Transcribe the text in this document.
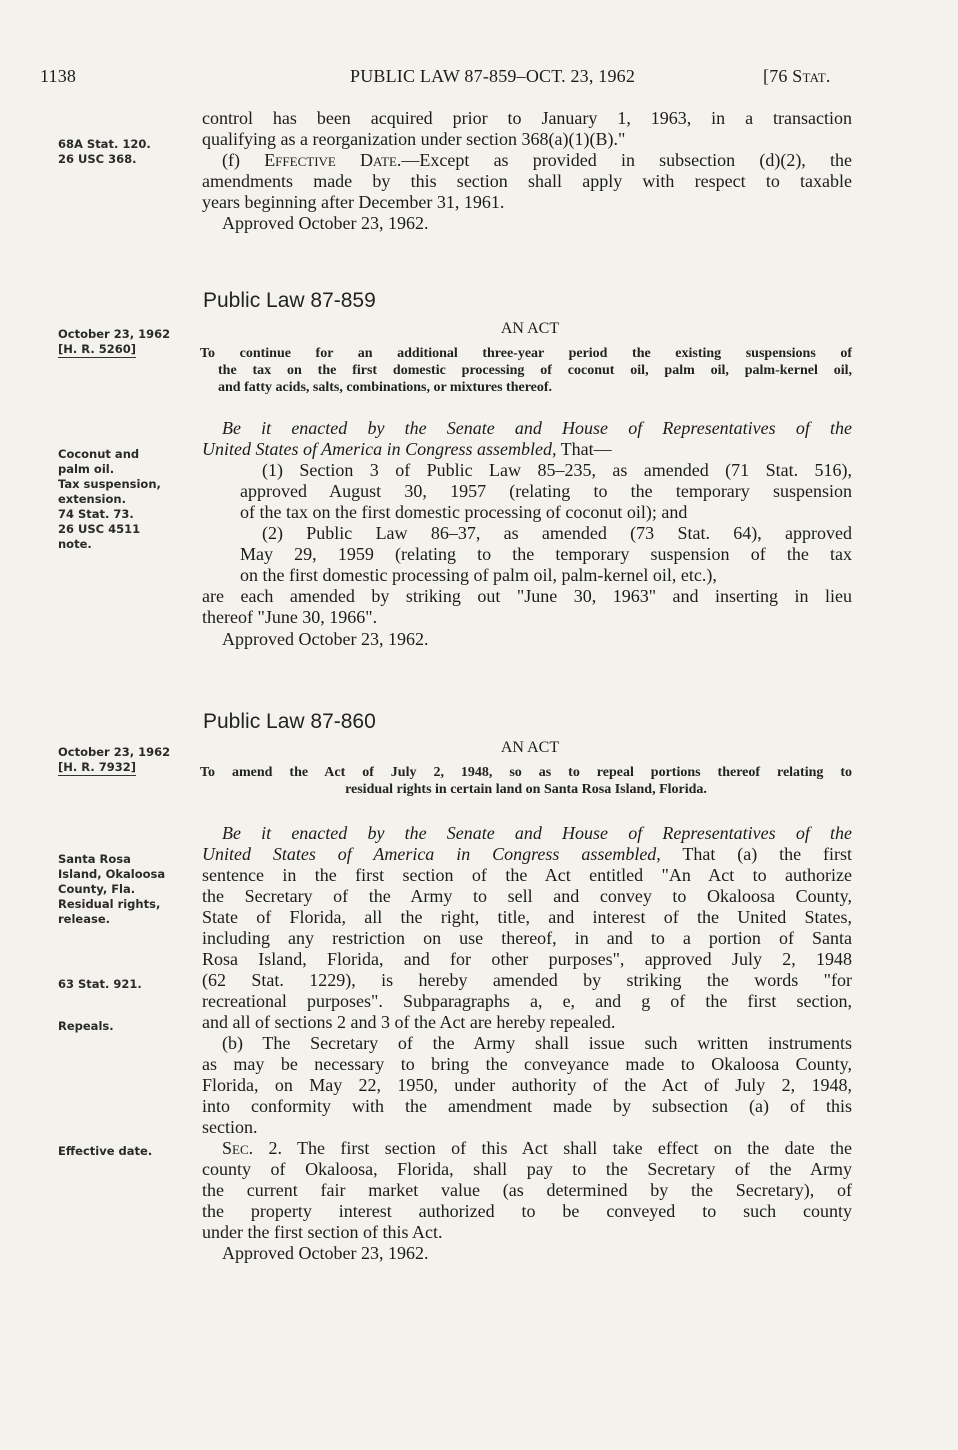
1138	PUBLIC LAW 87-859–OCT. 23, 1962	[76 Stat.
68A Stat. 120.
26 USC 368.
control has been acquired prior to January 1, 1963, in a transaction
qualifying as a reorganization under section 368(a)(1)(B)."
(f) Effective Date.—Except as provided in subsection (d)(2), the
amendments made by this section shall apply with respect to taxable
years beginning after December 31, 1961.
Approved October 23, 1962.
Public Law 87-859
AN ACT
October 23, 1962
[H. R. 5260]	To continue for an additional three-year period the existing suspensions of
the tax on the first domestic processing of coconut oil, palm oil, palm-kernel oil,
and fatty acids, salts, combinations, or mixtures thereof.
Be it enacted by the Senate and House of Representatives of the
United States of America in Congress assembled, That—
Coconut and
palm oil.
Tax suspension,
extension.
74 Stat. 73.
26 USC 4511
note.
(1) Section 3 of Public Law 85–235, as amended (71 Stat. 516),
approved August 30, 1957 (relating to the temporary suspension
of the tax on the first domestic processing of coconut oil); and
(2) Public Law 86–37, as amended (73 Stat. 64), approved
May 29, 1959 (relating to the temporary suspension of the tax
on the first domestic processing of palm oil, palm-kernel oil, etc.),
are each amended by striking out "June 30, 1963" and inserting in lieu
thereof "June 30, 1966".
Approved October 23, 1962.
Public Law 87-860
AN ACT
October 23, 1962
[H. R. 7932]	To amend the Act of July 2, 1948, so as to repeal portions thereof relating to
residual rights in certain land on Santa Rosa Island, Florida.
Be it enacted by the Senate and House of Representatives of the
United States of America in Congress assembled, That (a) the first
Santa Rosa
Island, Okaloosa
County, Fla.
Residual rights,
release.
sentence in the first section of the Act entitled "An Act to authorize
the Secretary of the Army to sell and convey to Okaloosa County,
State of Florida, all the right, title, and interest of the United States,
including any restriction on use thereof, in and to a portion of Santa
Rosa Island, Florida, and for other purposes", approved July 2, 1948
63 Stat. 921.	(62 Stat. 1229), is hereby amended by striking the words "for
recreational purposes". Subparagraphs a, e, and g of the first section,
Repeals.	and all of sections 2 and 3 of the Act are hereby repealed.
(b) The Secretary of the Army shall issue such written instruments
as may be necessary to bring the conveyance made to Okaloosa County,
Florida, on May 22, 1950, under authority of the Act of July 2, 1948,
into conformity with the amendment made by subsection (a) of this
section.
Effective date.	Sec. 2. The first section of this Act shall take effect on the date the
county of Okaloosa, Florida, shall pay to the Secretary of the Army
the current fair market value (as determined by the Secretary), of
the property interest authorized to be conveyed to such county
under the first section of this Act.
Approved October 23, 1962.
